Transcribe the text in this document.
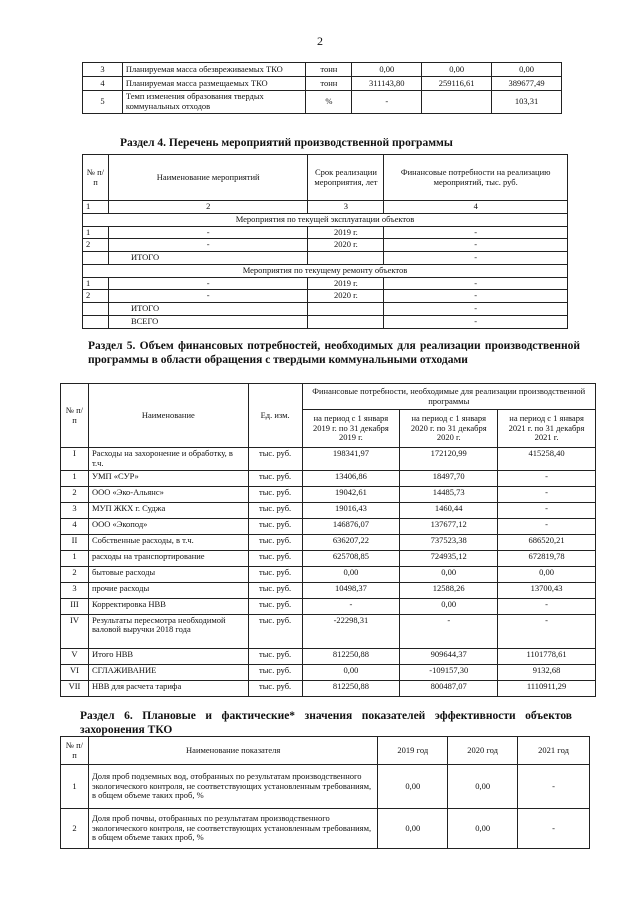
2
3	Планируемая масса обезвреживаемых ТКО	тонн	0,00	0,00	0,00
4	Планируемая масса размещаемых ТКО	тонн	311143,80	259116,61	389677,49
5	Темп изменения образования твердых коммунальных отходов	%	-		103,31
Раздел 4. Перечень мероприятий производственной программы
№ п/п	Наименование мероприятий	Срок реализации мероприятия, лет	Финансовые потребности на реализацию мероприятий, тыс. руб.
1	2	3	4
Мероприятия по текущей эксплуатации объектов			
1	-	2019 г.	-
2	-	2020 г.	-
	ИТОГО		-
Мероприятия по текущему ремонту объектов			
1	-	2019 г.	-
2	-	2020 г.	-
	ИТОГО		-
	ВСЕГО		-
Раздел 5. Объем финансовых потребностей, необходимых для реализации производственной программы в области обращения с твердыми коммунальными отходами
№ п/п	Наименование	Ед. изм.	Финансовые потребности, необходимые для реализации производственной программы		
			на период с 1 января 2019 г. по 31 декабря 2019 г.	на период с 1 января 2020 г. по 31 декабря 2020 г.	на период с 1 января 2021 г. по 31 декабря 2021 г.
I	Расходы на захоронение и обработку, в т.ч.	тыс. руб.	198341,97	172120,99	415258,40
1	УМП «СУР»	тыс. руб.	13406,86	18497,70	-
2	ООО «Эко-Альянс»	тыс. руб.	19042,61	14485,73	-
3	МУП ЖКХ г. Суджа	тыс. руб.	19016,43	1460,44	-
4	ООО «Экопод»	тыс. руб.	146876,07	137677,12	-
II	Собственные расходы, в т.ч.	тыс. руб.	636207,22	737523,38	686520,21
1	расходы на транспортирование	тыс. руб.	625708,85	724935,12	672819,78
2	бытовые расходы	тыс. руб.	0,00	0,00	0,00
3	прочие расходы	тыс. руб.	10498,37	12588,26	13700,43
III	Корректировка НВВ	тыс. руб.	-	0,00	-
IV	Результаты пересмотра необходимой валовой выручки 2018 года	тыс. руб.	-22298,31	-	-
V	Итого НВВ	тыс. руб.	812250,88	909644,37	1101778,61
VI	СГЛАЖИВАНИЕ	тыс. руб.	0,00	-109157,30	9132,68
VII	НВВ для расчета тарифа	тыс. руб.	812250,88	800487,07	1110911,29
Раздел 6. Плановые и фактические* значения показателей эффективности объектов захоронения ТКО
№ п/п	Наименование показателя	2019 год	2020 год	2021 год
1	Доля проб подземных вод, отобранных по результатам производственного экологического контроля, не соответствующих установленным требованиям, в общем объеме таких проб, %	0,00	0,00	-
2	Доля проб почвы, отобранных по результатам производственного экологического контроля, не соответствующих установленным требованиям, в общем объеме таких проб, %	0,00	0,00	-
